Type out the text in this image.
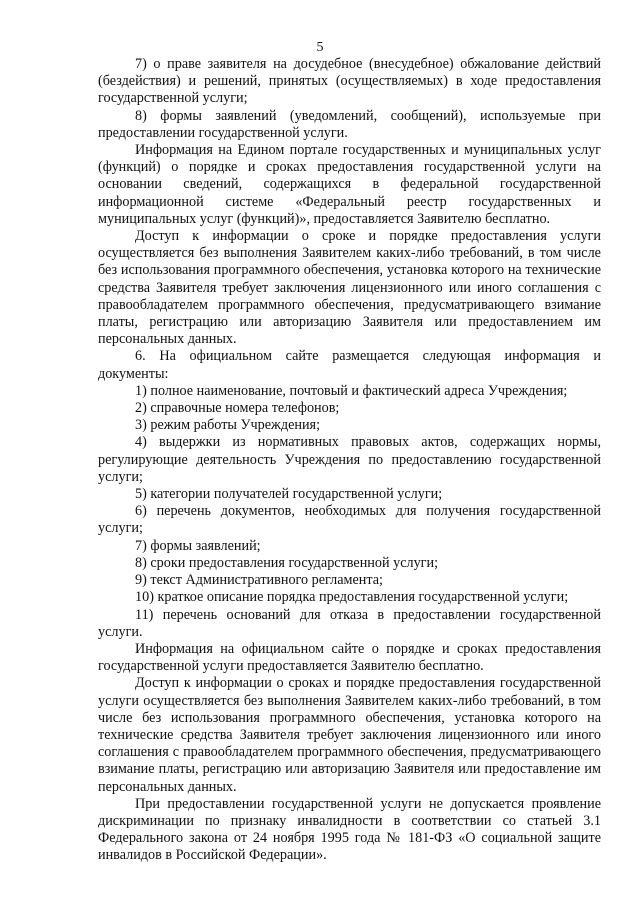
5

7) о праве заявителя на досудебное (внесудебное) обжалование действий (бездействия) и решений, принятых (осуществляемых) в ходе предоставления государственной услуги;

8) формы заявлений (уведомлений, сообщений), используемые при предоставлении государственной услуги.

Информация на Едином портале государственных и муниципальных услуг (функций) о порядке и сроках предоставления государственной услуги на основании сведений, содержащихся в федеральной государственной информационной системе «Федеральный реестр государственных и муниципальных услуг (функций)», предоставляется Заявителю бесплатно.

Доступ к информации о сроке и порядке предоставления услуги осуществляется без выполнения Заявителем каких-либо требований, в том числе без использования программного обеспечения, установка которого на технические средства Заявителя требует заключения лицензионного или иного соглашения с правообладателем программного обеспечения, предусматривающего взимание платы, регистрацию или авторизацию Заявителя или предоставлением им персональных данных.

6. На официальном сайте размещается следующая информация и документы:

1) полное наименование, почтовый и фактический адреса Учреждения;

2) справочные номера телефонов;

3) режим работы Учреждения;

4) выдержки из нормативных правовых актов, содержащих нормы, регулирующие деятельность Учреждения по предоставлению государственной услуги;

5) категории получателей государственной услуги;

6) перечень документов, необходимых для получения государственной услуги;

7) формы заявлений;

8) сроки предоставления государственной услуги;

9) текст Административного регламента;

10) краткое описание порядка предоставления государственной услуги;

11) перечень оснований для отказа в предоставлении государственной услуги.

Информация на официальном сайте о порядке и сроках предоставления государственной услуги предоставляется Заявителю бесплатно.

Доступ к информации о сроках и порядке предоставления государственной услуги осуществляется без выполнения Заявителем каких-либо требований, в том числе без использования программного обеспечения, установка которого на технические средства Заявителя требует заключения лицензионного или иного соглашения с правообладателем программного обеспечения, предусматривающего взимание платы, регистрацию или авторизацию Заявителя или предоставление им персональных данных.

При предоставлении государственной услуги не допускается проявление дискриминации по признаку инвалидности в соответствии со статьей 3.1 Федерального закона от 24 ноября 1995 года № 181-ФЗ «О социальной защите инвалидов в Российской Федерации».
